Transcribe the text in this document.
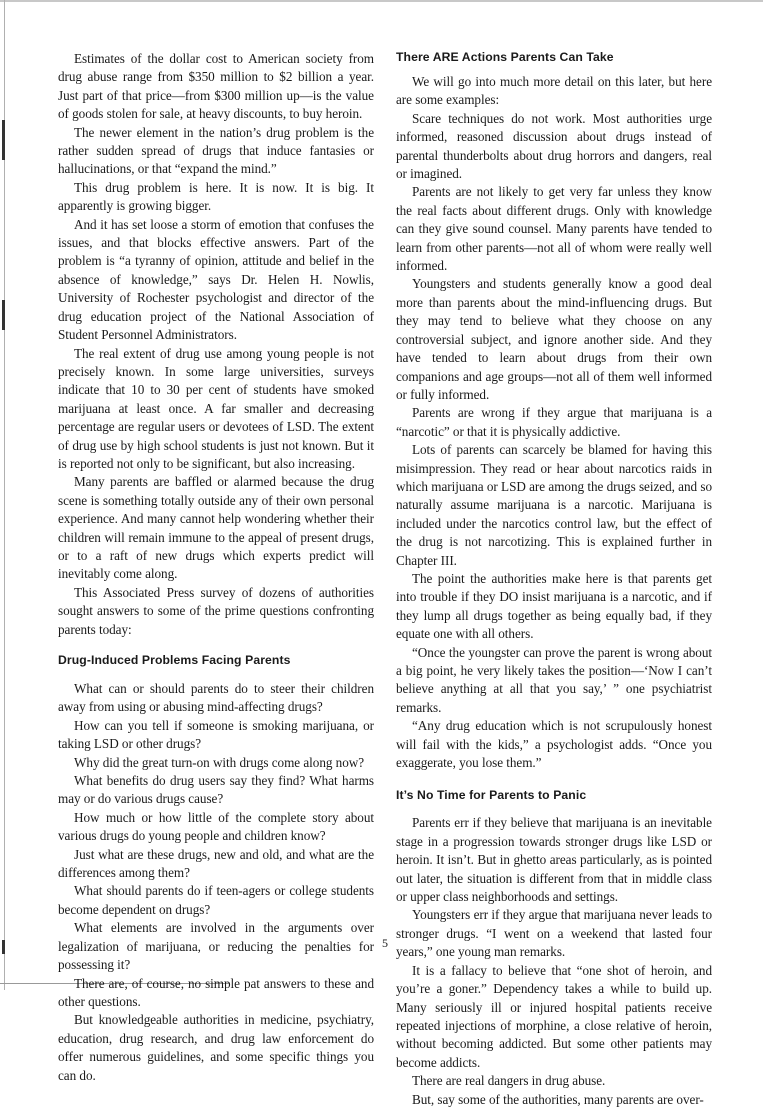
Estimates of the dollar cost to American society from drug abuse range from $350 million to $2 billion a year. Just part of that price—from $300 million up—is the value of goods stolen for sale, at heavy discounts, to buy heroin.

The newer element in the nation’s drug problem is the rather sudden spread of drugs that induce fantasies or hallucinations, or that “expand the mind.”

This drug problem is here. It is now. It is big. It apparently is growing bigger.

And it has set loose a storm of emotion that confuses the issues, and that blocks effective answers. Part of the problem is “a tyranny of opinion, attitude and belief in the absence of knowledge,” says Dr. Helen H. Nowlis, University of Rochester psychologist and director of the drug education project of the National Association of Student Personnel Administrators.

The real extent of drug use among young people is not precisely known. In some large universities, surveys indicate that 10 to 30 per cent of students have smoked marijuana at least once. A far smaller and decreasing percentage are regular users or devotees of LSD. The extent of drug use by high school students is just not known. But it is reported not only to be significant, but also increasing.

Many parents are baffled or alarmed because the drug scene is something totally outside any of their own personal experience. And many cannot help wondering whether their children will remain immune to the appeal of present drugs, or to a raft of new drugs which experts predict will inevitably come along.

This Associated Press survey of dozens of authorities sought answers to some of the prime questions confronting parents today:

Drug-Induced Problems Facing Parents

What can or should parents do to steer their children away from using or abusing mind-affecting drugs?

How can you tell if someone is smoking marijuana, or taking LSD or other drugs?

Why did the great turn-on with drugs come along now?

What benefits do drug users say they find? What harms may or do various drugs cause?

How much or how little of the complete story about various drugs do young people and children know?

Just what are these drugs, new and old, and what are the differences among them?

What should parents do if teen-agers or college students become dependent on drugs?

What elements are involved in the arguments over legalization of marijuana, or reducing the penalties for possessing it?

There are, of course, no simple pat answers to these and other questions.

But knowledgeable authorities in medicine, psychiatry, education, drug research, and drug law enforcement do offer numerous guidelines, and some specific things you can do.

There ARE Actions Parents Can Take

We will go into much more detail on this later, but here are some examples:

Scare techniques do not work. Most authorities urge informed, reasoned discussion about drugs instead of parental thunderbolts about drug horrors and dangers, real or imagined.

Parents are not likely to get very far unless they know the real facts about different drugs. Only with knowledge can they give sound counsel. Many parents have tended to learn from other parents—not all of whom were really well informed.

Youngsters and students generally know a good deal more than parents about the mind-influencing drugs. But they may tend to believe what they choose on any controversial subject, and ignore another side. And they have tended to learn about drugs from their own companions and age groups—not all of them well informed or fully informed.

Parents are wrong if they argue that marijuana is a “narcotic” or that it is physically addictive.

Lots of parents can scarcely be blamed for having this misimpression. They read or hear about narcotics raids in which marijuana or LSD are among the drugs seized, and so naturally assume marijuana is a narcotic. Marijuana is included under the narcotics control law, but the effect of the drug is not narcotizing. This is explained further in Chapter III.

The point the authorities make here is that parents get into trouble if they DO insist marijuana is a narcotic, and if they lump all drugs together as being equally bad, if they equate one with all others.

“Once the youngster can prove the parent is wrong about a big point, he very likely takes the position—‘Now I can’t believe anything at all that you say,’ ” one psychiatrist remarks.

“Any drug education which is not scrupulously honest will fail with the kids,” a psychologist adds. “Once you exaggerate, you lose them.”

It’s No Time for Parents to Panic

Parents err if they believe that marijuana is an inevitable stage in a progression towards stronger drugs like LSD or heroin. It isn’t. But in ghetto areas particularly, as is pointed out later, the situation is different from that in middle class or upper class neighborhoods and settings.

Youngsters err if they argue that marijuana never leads to stronger drugs. “I went on a weekend that lasted four years,” one young man remarks.

It is a fallacy to believe that “one shot of heroin, and you’re a goner.” Dependency takes a while to build up. Many seriously ill or injured hospital patients receive repeated injections of morphine, a close relative of heroin, without becoming addicted. But some other patients may become addicts.

There are real dangers in drug abuse.

But, say some of the authorities, many parents are over-

5
